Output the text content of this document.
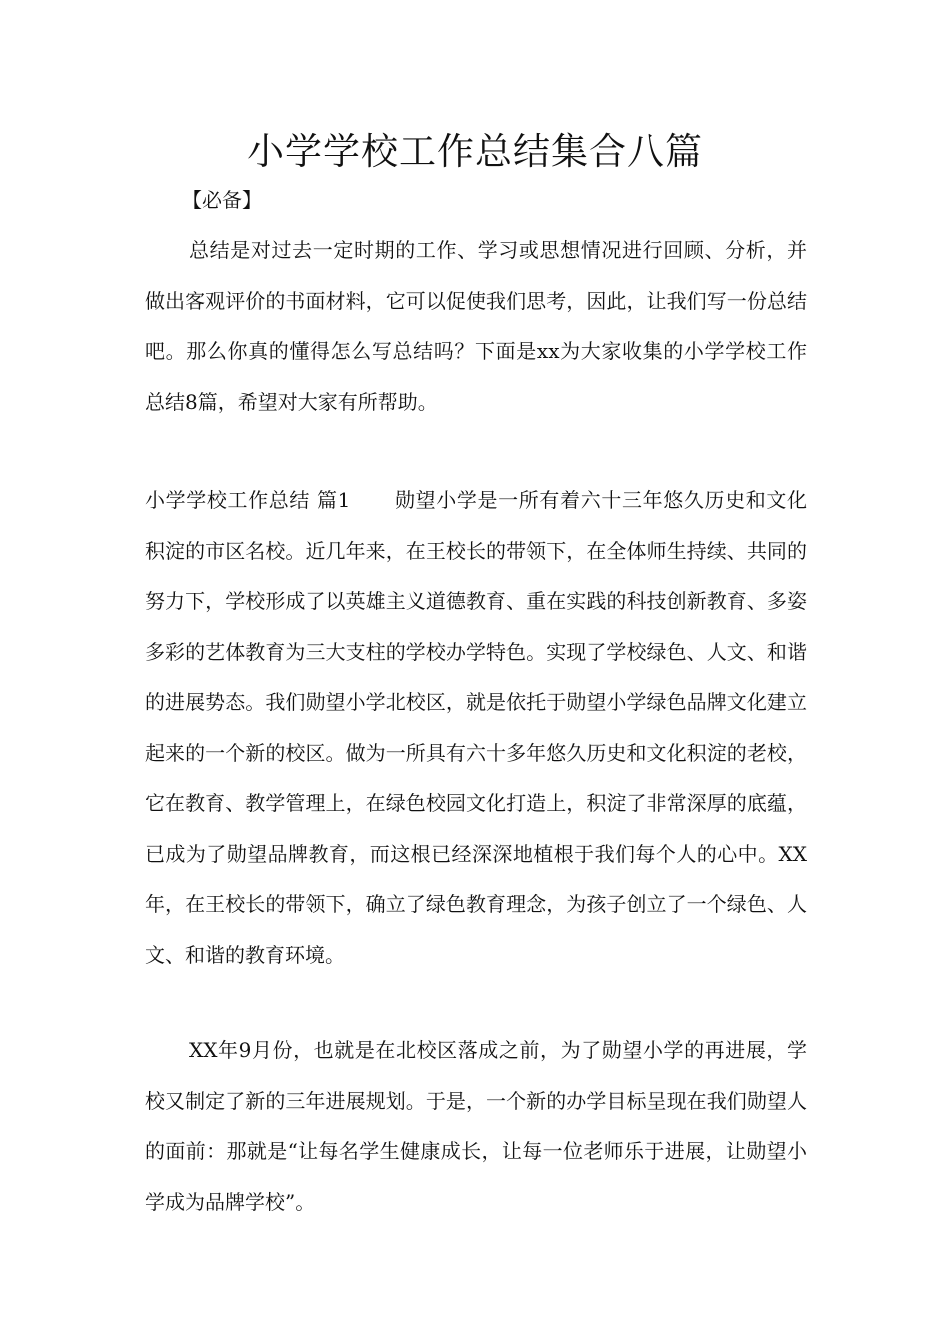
小学学校工作总结集合八篇

【必备】

总结是对过去一定时期的工作、学习或思想情况进行回顾、分析，并做出客观评价的书面材料，它可以促使我们思考，因此，让我们写一份总结吧。那么你真的懂得怎么写总结吗？下面是xx为大家收集的小学学校工作总结8篇，希望对大家有所帮助。

小学学校工作总结 篇1 勋望小学是一所有着六十三年悠久历史和文化积淀的市区名校。近几年来，在王校长的带领下，在全体师生持续、共同的努力下，学校形成了以英雄主义道德教育、重在实践的科技创新教育、多姿多彩的艺体教育为三大支柱的学校办学特色。实现了学校绿色、人文、和谐的进展势态。我们勋望小学北校区，就是依托于勋望小学绿色品牌文化建立起来的一个新的校区。做为一所具有六十多年悠久历史和文化积淀的老校，它在教育、教学管理上，在绿色校园文化打造上，积淀了非常深厚的底蕴，已成为了勋望品牌教育，而这根已经深深地植根于我们每个人的心中。XX年，在王校长的带领下，确立了绿色教育理念，为孩子创立了一个绿色、人文、和谐的教育环境。

XX年9月份，也就是在北校区落成之前，为了勋望小学的再进展，学校又制定了新的三年进展规划。于是，一个新的办学目标呈现在我们勋望人的面前：那就是“让每名学生健康成长，让每一位老师乐于进展，让勋望小学成为品牌学校”。
